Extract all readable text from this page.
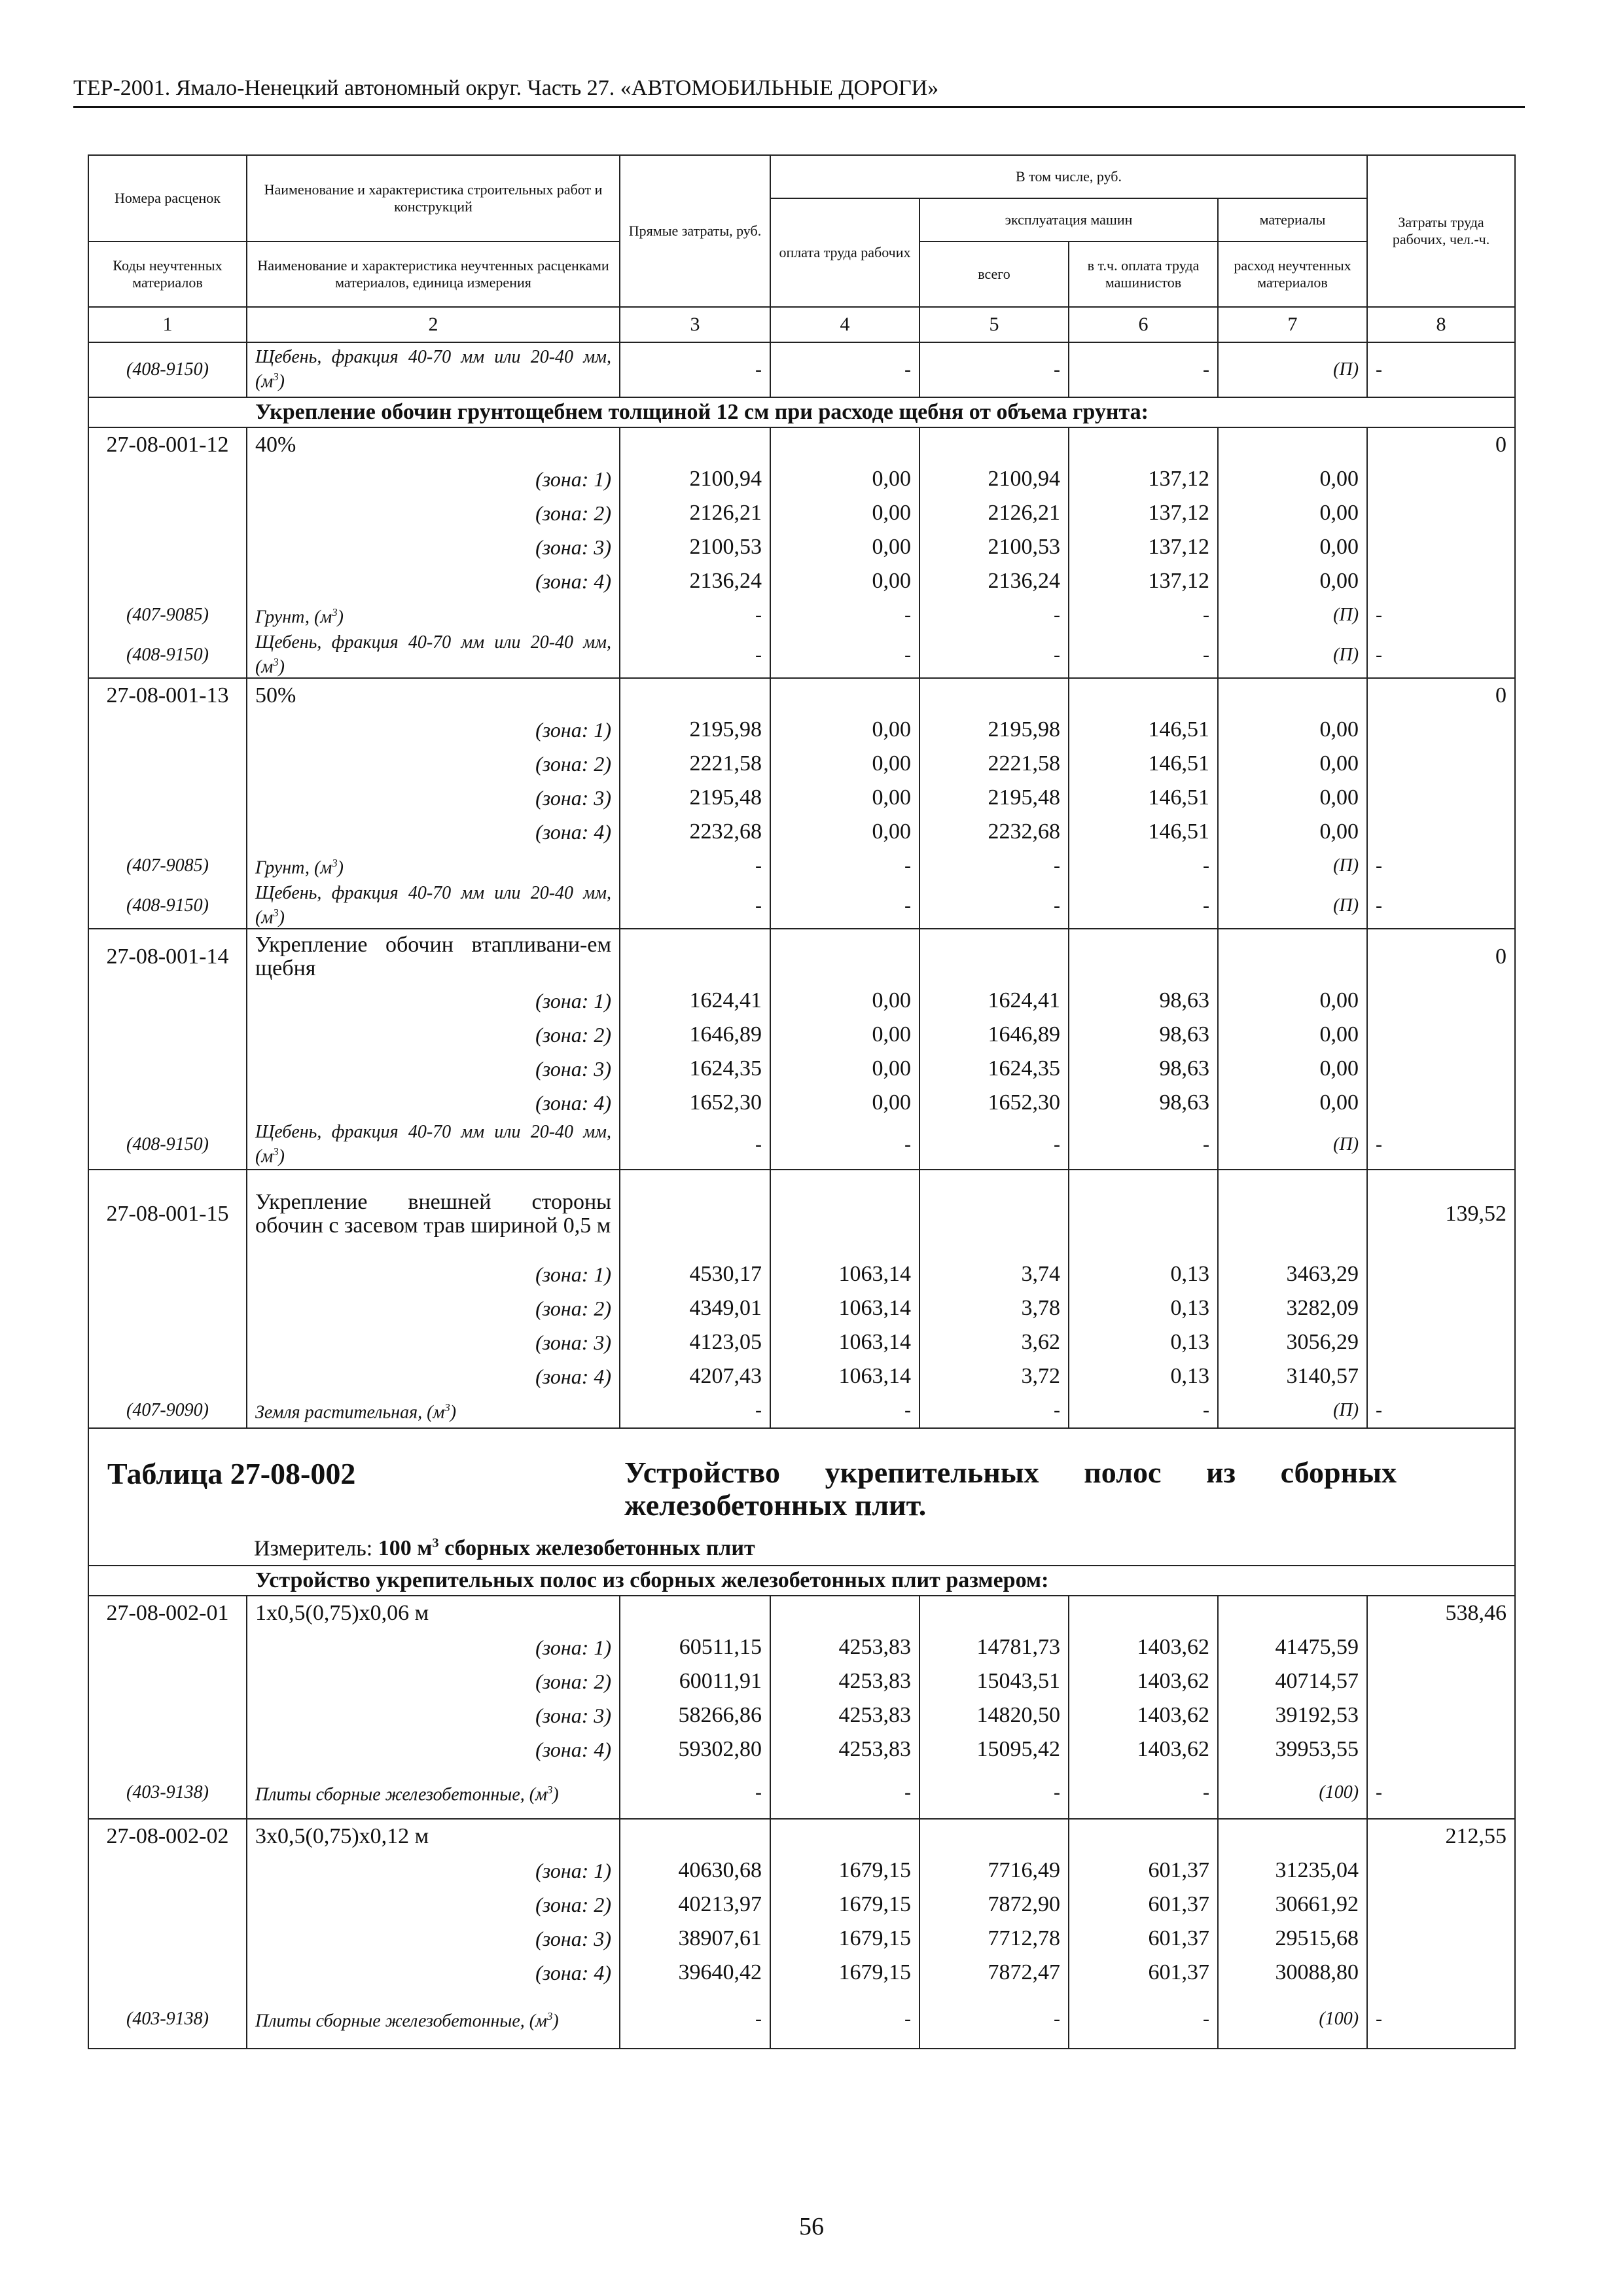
ТЕР-2001. Ямало-Ненецкий автономный округ. Часть 27. «АВТОМОБИЛЬНЫЕ ДОРОГИ»
Номера расценок	Наименование и характеристика строительных работ и конструкций	Прямые затраты, руб.	В том числе, руб.				Затраты труда рабочих, чел.-ч.
			оплата труда рабочих	эксплуатация машин		материалы	
Коды неучтенных материалов	Наименование и характеристика неучтенных расценками материалов, единица измерения			всего	в т.ч. оплата труда машинистов	расход неучтенных материалов	

1	2	3	4	5	6	7	8
(408-9150)	Щебень, фракция 40-70 мм или 20-40 мм, $(м^3)$	-	-	-	-	(П)	-
Укрепление обочин грунтощебнем толщиной 12 см при расходе щебня от объема грунта:							
27-08-001-12	40%						0
	(зона: 1)	2100,94	0,00	2100,94	137,12	0,00	
	(зона: 2)	2126,21	0,00	2126,21	137,12	0,00	
	(зона: 3)	2100,53	0,00	2100,53	137,12	0,00	
	(зона: 4)	2136,24	0,00	2136,24	137,12	0,00	
(407-9085)	Грунт, $(м^3)$	-	-	-	-	(П)	-
(408-9150)	Щебень, фракция 40-70 мм или 20-40 мм, $(м^3)$	-	-	-	-	(П)	-
27-08-001-13	50%						0
	(зона: 1)	2195,98	0,00	2195,98	146,51	0,00	
	(зона: 2)	2221,58	0,00	2221,58	146,51	0,00	
	(зона: 3)	2195,48	0,00	2195,48	146,51	0,00	
	(зона: 4)	2232,68	0,00	2232,68	146,51	0,00	
(407-9085)	Грунт, $(м^3)$	-	-	-	-	(П)	-
(408-9150)	Щебень, фракция 40-70 мм или 20-40 мм, $(м^3)$	-	-	-	-	(П)	-
27-08-001-14	Укрепление обочин втапливани-ем щебня						0
	(зона: 1)	1624,41	0,00	1624,41	98,63	0,00	
	(зона: 2)	1646,89	0,00	1646,89	98,63	0,00	
	(зона: 3)	1624,35	0,00	1624,35	98,63	0,00	
	(зона: 4)	1652,30	0,00	1652,30	98,63	0,00	
(408-9150)	Щебень, фракция 40-70 мм или 20-40 мм, $(м^3)$	-	-	-	-	(П)	-
27-08-001-15	Укрепление внешней стороны обочин с засевом трав шириной 0,5 м						139,52
	(зона: 1)	4530,17	1063,14	3,74	0,13	3463,29	
	(зона: 2)	4349,01	1063,14	3,78	0,13	3282,09	
	(зона: 3)	4123,05	1063,14	3,62	0,13	3056,29	
	(зона: 4)	4207,43	1063,14	3,72	0,13	3140,57	
(407-9090)	Земля растительная, $(м^3)$	-	-	-	-	(П)	-

Таблица 27-08-002 Устройство укрепительных полос из сборных железобетонных плит.
Измеритель: 100 $м^3$ сборных железобетонных плит							

Устройство укрепительных полос из сборных железобетонных плит размером:							
27-08-002-01	1х0,5(0,75)х0,06 м						538,46
	(зона: 1)	60511,15	4253,83	14781,73	1403,62	41475,59	
	(зона: 2)	60011,91	4253,83	15043,51	1403,62	40714,57	
	(зона: 3)	58266,86	4253,83	14820,50	1403,62	39192,53	
	(зона: 4)	59302,80	4253,83	15095,42	1403,62	39953,55	
(403-9138)	Плиты сборные железобетонные, $(м^3)$	-	-	-	-	(100)	-
27-08-002-02	3х0,5(0,75)х0,12 м						212,55
	(зона: 1)	40630,68	1679,15	7716,49	601,37	31235,04	
	(зона: 2)	40213,97	1679,15	7872,90	601,37	30661,92	
	(зона: 3)	38907,61	1679,15	7712,78	601,37	29515,68	
	(зона: 4)	39640,42	1679,15	7872,47	601,37	30088,80	
(403-9138)	Плиты сборные железобетонные, $(м^3)$	-	-	-	-	(100)	-
56
